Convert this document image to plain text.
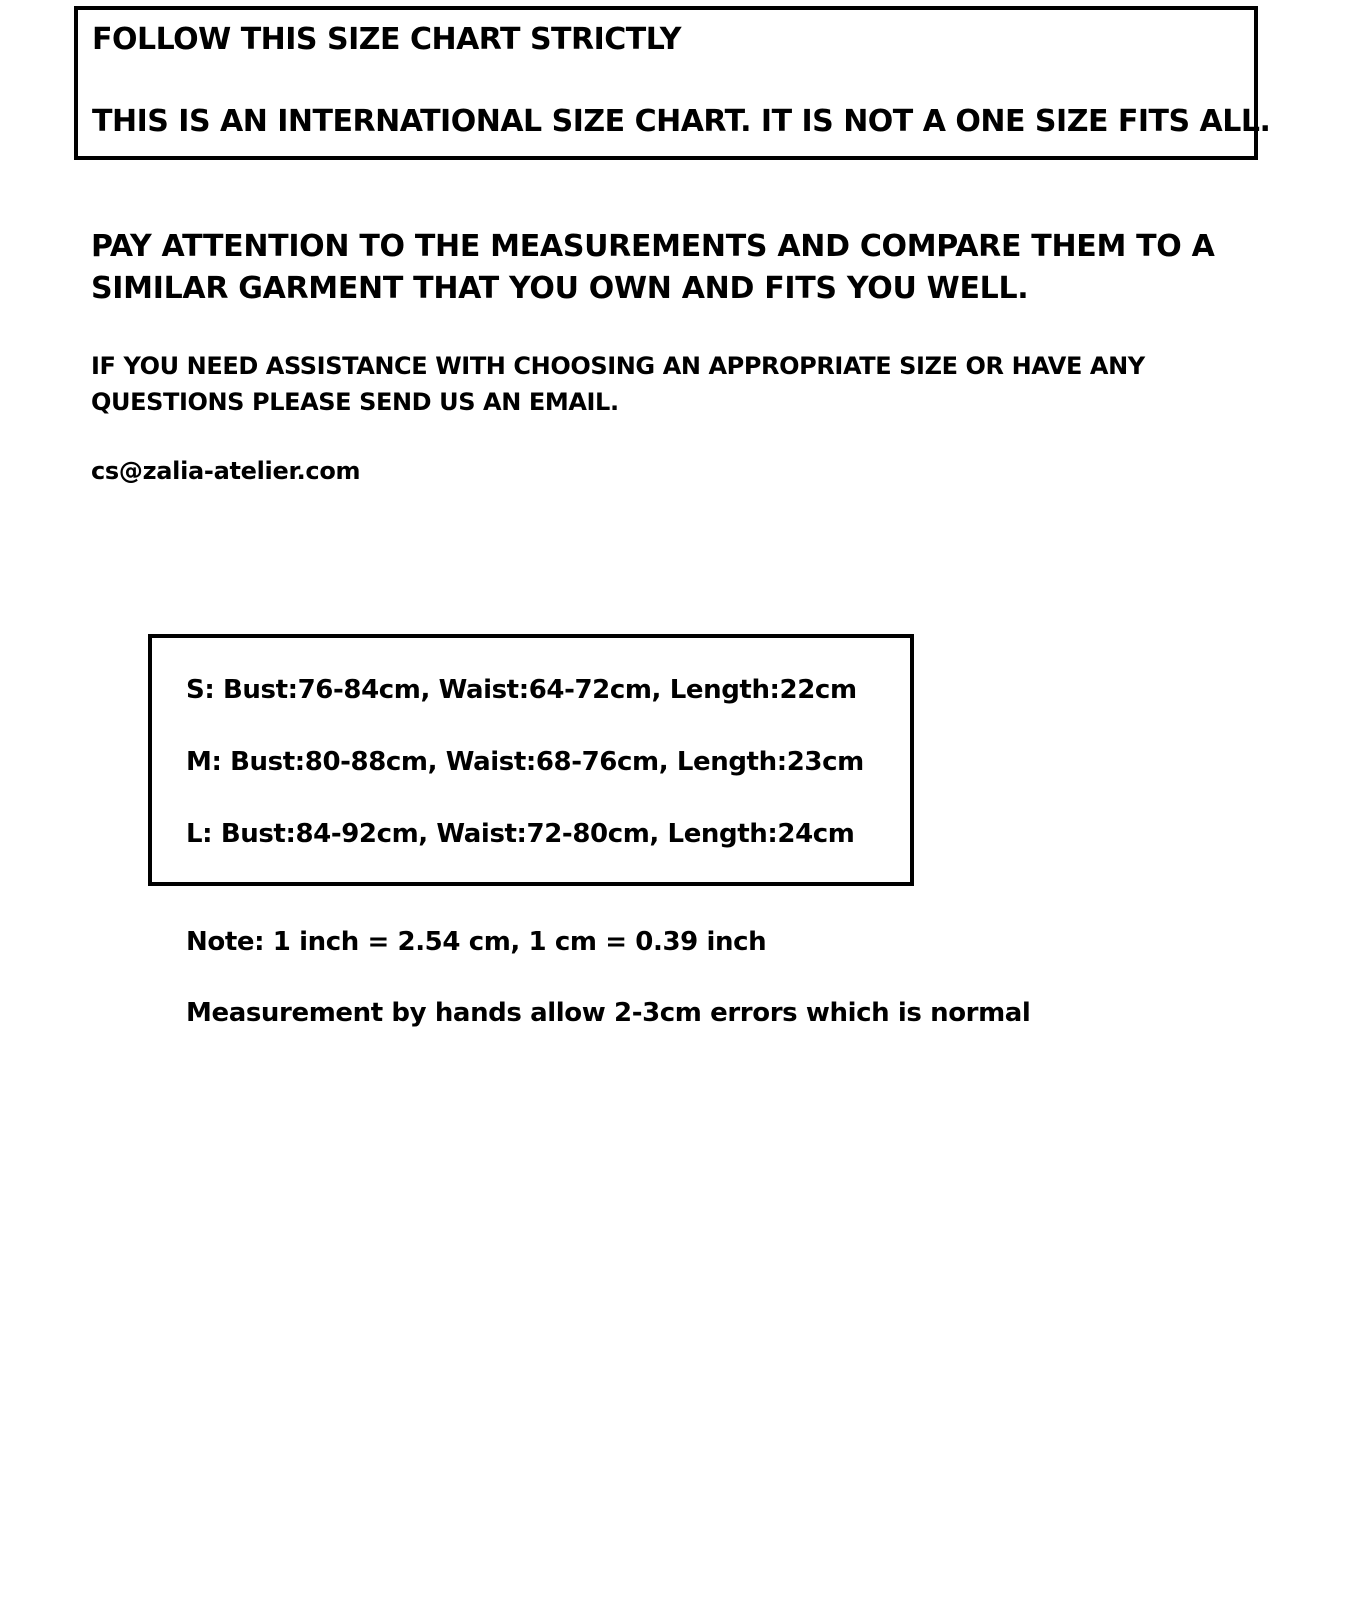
FOLLOW THIS SIZE CHART STRICTLY
THIS IS AN INTERNATIONAL SIZE CHART. IT IS NOT A ONE SIZE FITS ALL.
PAY ATTENTION TO THE MEASUREMENTS AND COMPARE THEM TO A
SIMILAR GARMENT THAT YOU OWN AND FITS YOU WELL.
IF YOU NEED ASSISTANCE WITH CHOOSING AN APPROPRIATE SIZE OR HAVE ANY
QUESTIONS PLEASE SEND US AN EMAIL.
cs@zalia-atelier.com
S: Bust:76-84cm, Waist:64-72cm, Length:22cm
M: Bust:80-88cm, Waist:68-76cm, Length:23cm
L: Bust:84-92cm, Waist:72-80cm, Length:24cm
Note: 1 inch = 2.54 cm, 1 cm = 0.39 inch
Measurement by hands allow 2-3cm errors which is normal
